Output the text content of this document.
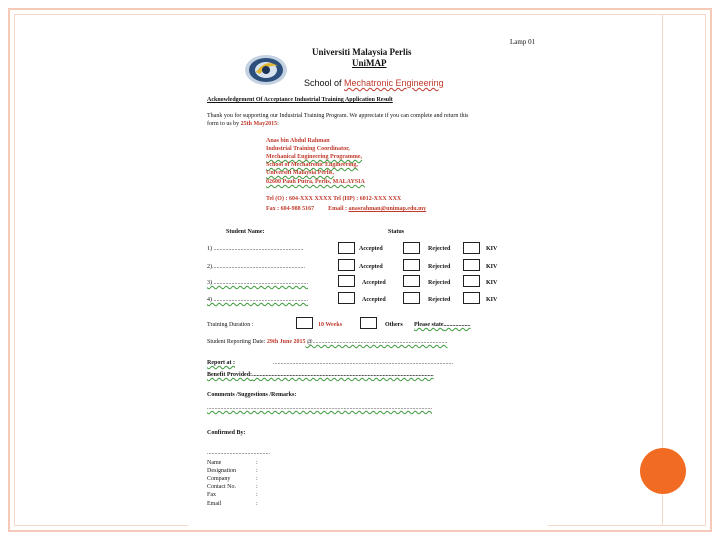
Lamp 01
Universiti Malaysia Perlis
UniMAP
School of Mechatronic Engineering
Acknowledgement Of Acceptance Industrial Training Application Result
Thank you for supporting our Industrial Training Program. We appreciate if you can complete and return this
form to us by 25th May2015:
Anas bin Abdul Rahman
Industrial Training Coordinator,
Mechanical Engineering Programme,
School of Mechatronic Engineering,
Universiti Malaysia Perlis,
02600 Pauh Putra, Perlis, MALAYSIA
Tel (O) : 604-XXX XXXX Tel (HP) : 6012-XXX XXX
Fax : 604-988 5167 Email : anasrahman@unimap.edu.my
Student Name:	Status
1) ............................................................	Accepted	Rejected	KIV
2)..............................................................	Accepted	Rejected	KIV
3) ...............................................................	Accepted	Rejected	KIV
4) ...............................................................	Accepted	Rejected	KIV
Training Duration :	10 Weeks	Others Please state..................
Student Reporting Date: 29th June 2015 @..........................................................................................
Report at :	........................................................................................................................
Benefit Provided:.........................................................................................................................
Comments /Suggestions /Remarks:
......................................................................................................................................................
Confirmed By:
..........................................
Name	:
Designation	:
Company	:
Contact No.	:
Fax	:
Email	:
